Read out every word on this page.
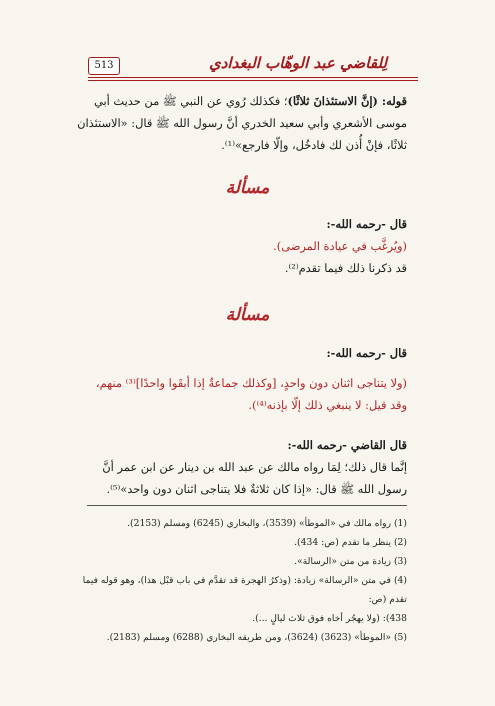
لِلقاضي عبد الوهّاب البغدادي
513
قوله: (إنَّ الاستئذانَ ثلاثًا)؛ فكذلك رُوي عن النبي ﷺ من حديث أبي
موسى الأشعري وأبي سعيد الخدري أنَّ رسول الله ﷺ قال: «الاستئذان
ثلاثًا، فإنْ أُذن لك فادخُل، وإلّا فارجع»⁽¹⁾.
مسألة
قال -رحمه الله-:
(ويُرغَّب في عيادة المرضى).
قد ذكرنا ذلك فيما تقدم⁽²⁾.
مسألة
قال -رحمه الله-:
(ولا يتناجى اثنان دون واحدٍ، [وكذلك جماعةٌ إذا أبقَوا واحدًا]⁽³⁾ منهم،
وقد قيل: لا ينبغي ذلك إلّا بإذنه⁽⁴⁾).
قال القاضي -رحمه الله-:
إنَّما قال ذلك؛ لِمَا رواه مالك عن عبد الله بن دينار عن ابن عمر أنَّ
رسول الله ﷺ قال: «إذا كان ثلاثةٌ فلا يتناجى اثنان دون واحد»⁽⁵⁾.
(1) رواه مالك في «الموطأ» (3539)، والبخاري (6245) ومسلم (2153).
(2) ينظر ما تقدم (ص: 434).
(3) زيادة من متن «الرسالة».
(4) في متن «الرسالة» زيادة: (وذكرُ الهجرة قد تقدَّم في باب قبْل هذا)، وهو قوله فيما تقدم (ص:
438): (ولا يهجُر أخاه فوق ثلاث ليالٍ ...).
(5) «الموطأ» (3623) (3624)، ومن طريقه البخاري (6288) ومسلم (2183).
